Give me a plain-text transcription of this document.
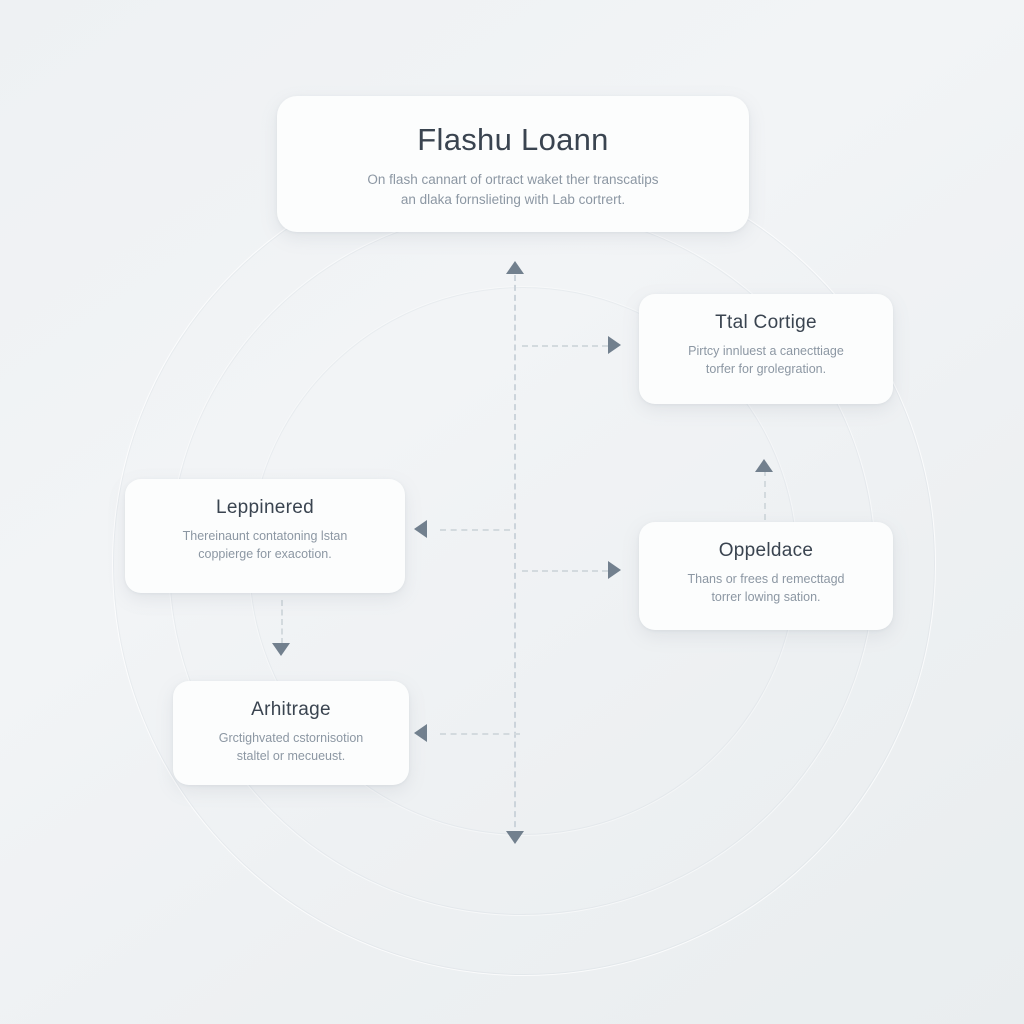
Flashu Loann

On flash cannart of ortract waket ther transcatips

an dlaka fornslieting with Lab cortrert.

Ttal Cortige

Pirtcy innluest a canecttiage

torfer for grolegration.

Leppinered

Thereinaunt contatoning lstan

coppierge for exacotion.	Oppeldace

Thans or frees d remecttagd

torrer lowing sation.

Arhitrage

Grctighvated cstornisotion

staltel or mecueust.
